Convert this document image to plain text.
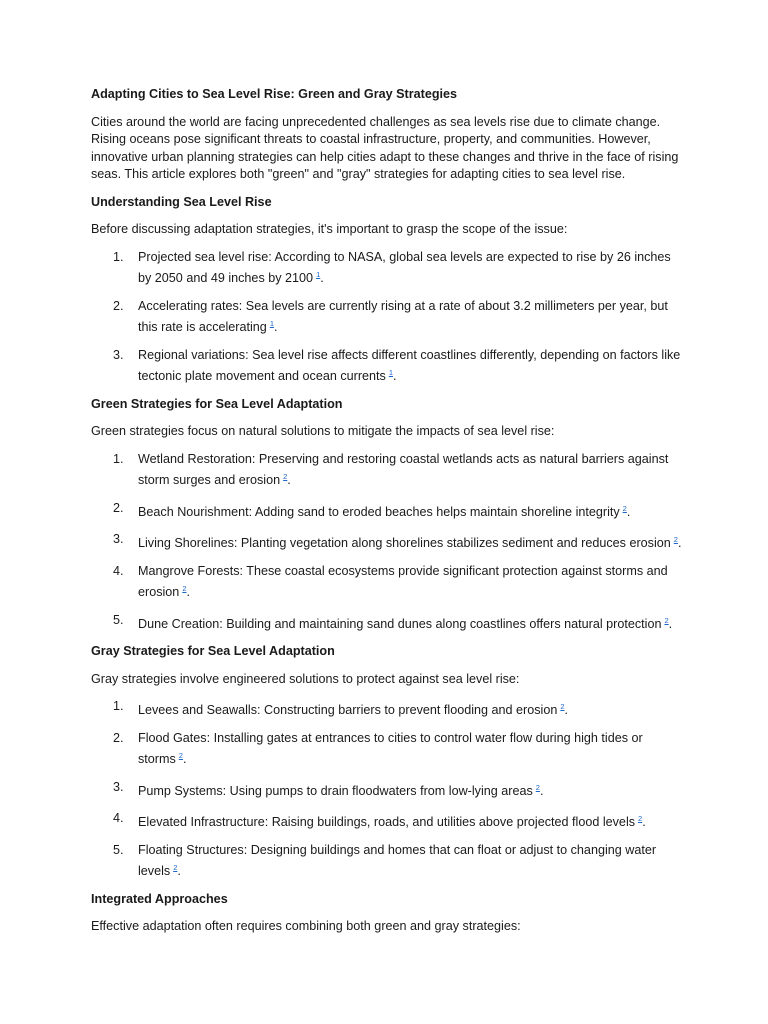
Adapting Cities to Sea Level Rise: Green and Gray Strategies

Cities around the world are facing unprecedented challenges as sea levels rise due to climate change. Rising oceans pose significant threats to coastal infrastructure, property, and communities. However, innovative urban planning strategies can help cities adapt to these changes and thrive in the face of rising seas. This article explores both "green" and "gray" strategies for adapting cities to sea level rise.

Understanding Sea Level Rise

Before discussing adaptation strategies, it's important to grasp the scope of the issue:

1. Projected sea level rise: According to NASA, global sea levels are expected to rise by 26 inches by 2050 and 49 inches by 2100 $^1$.
2. Accelerating rates: Sea levels are currently rising at a rate of about 3.2 millimeters per year, but this rate is accelerating $^1$.
3. Regional variations: Sea level rise affects different coastlines differently, depending on factors like tectonic plate movement and ocean currents $^1$.

Green Strategies for Sea Level Adaptation

Green strategies focus on natural solutions to mitigate the impacts of sea level rise:

1. Wetland Restoration: Preserving and restoring coastal wetlands acts as natural barriers against storm surges and erosion $^2$.
2. Beach Nourishment: Adding sand to eroded beaches helps maintain shoreline integrity $^2$.
3. Living Shorelines: Planting vegetation along shorelines stabilizes sediment and reduces erosion $^2$.
4. Mangrove Forests: These coastal ecosystems provide significant protection against storms and erosion $^2$.
5. Dune Creation: Building and maintaining sand dunes along coastlines offers natural protection $^2$.

Gray Strategies for Sea Level Adaptation

Gray strategies involve engineered solutions to protect against sea level rise:

1. Levees and Seawalls: Constructing barriers to prevent flooding and erosion $^2$.
2. Flood Gates: Installing gates at entrances to cities to control water flow during high tides or storms $^2$.
3. Pump Systems: Using pumps to drain floodwaters from low-lying areas $^2$.
4. Elevated Infrastructure: Raising buildings, roads, and utilities above projected flood levels $^2$.
5. Floating Structures: Designing buildings and homes that can float or adjust to changing water levels $^2$.

Integrated Approaches

Effective adaptation often requires combining both green and gray strategies:
